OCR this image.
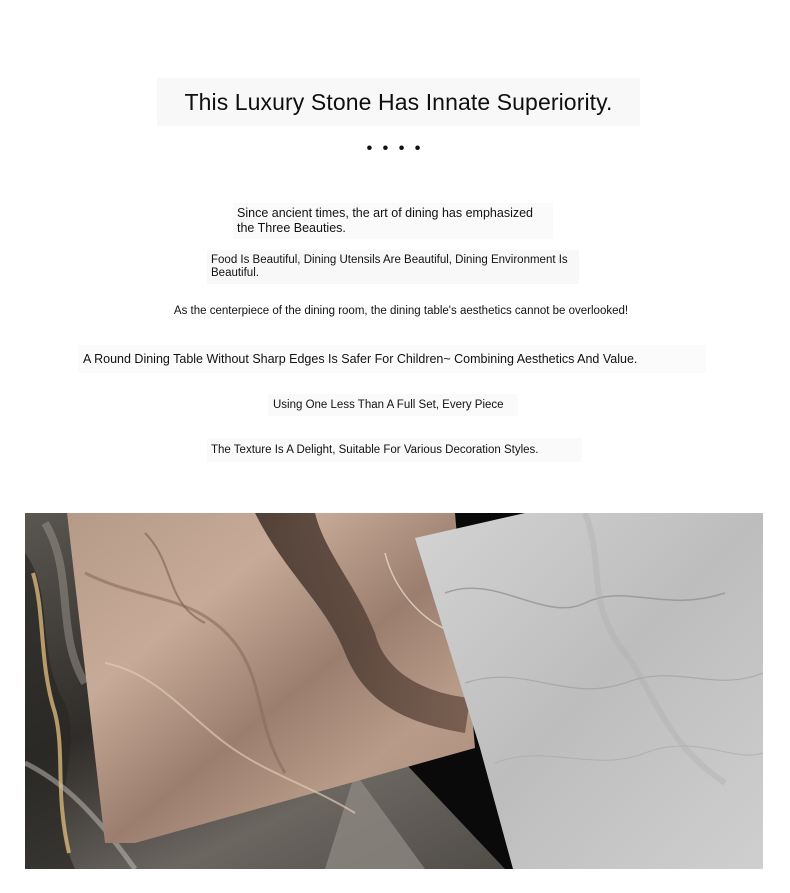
This Luxury Stone Has Innate Superiority.
• • • •
Since ancient times, the art of dining has emphasized the Three Beauties.
Food Is Beautiful, Dining Utensils Are Beautiful, Dining Environment Is Beautiful.
As the centerpiece of the dining room, the dining table's aesthetics cannot be overlooked!
A Round Dining Table Without Sharp Edges Is Safer For Children~ Combining Aesthetics And Value.
Using One Less Than A Full Set, Every Piece
The Texture Is A Delight, Suitable For Various Decoration Styles.
